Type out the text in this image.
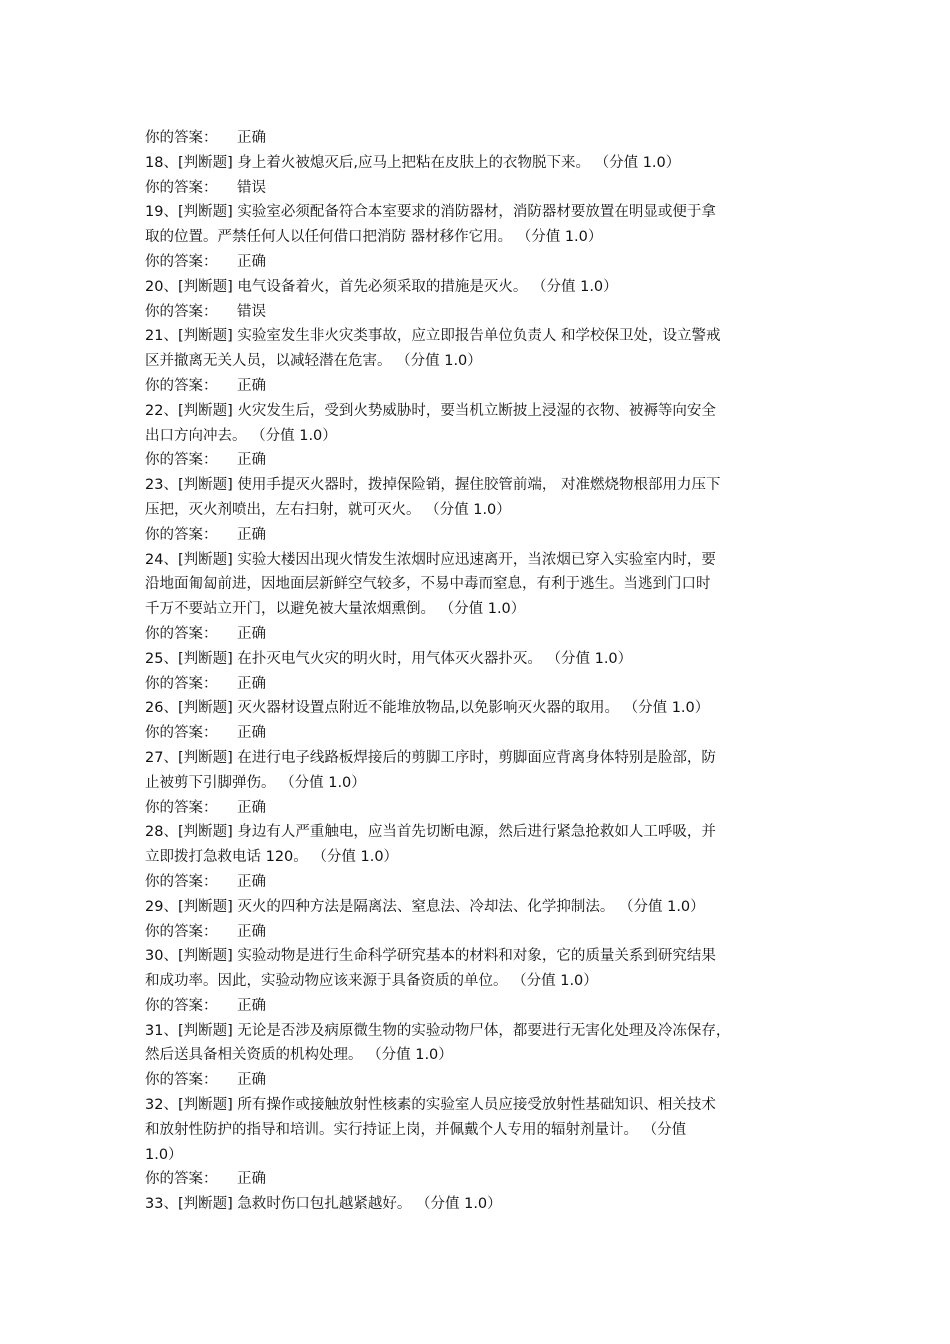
你的答案： 正确
18、[判断题] 身上着火被熄灭后,应马上把粘在皮肤上的衣物脱下来。 （分值 1.0）
你的答案： 错误
19、[判断题] 实验室必须配备符合本室要求的消防器材，消防器材要放置在明显或便于拿
取的位置。严禁任何人以任何借口把消防 器材移作它用。 （分值 1.0）
你的答案： 正确
20、[判断题] 电气设备着火，首先必须采取的措施是灭火。 （分值 1.0）
你的答案： 错误
21、[判断题] 实验室发生非火灾类事故，应立即报告单位负责人 和学校保卫处，设立警戒
区并撤离无关人员，以减轻潜在危害。 （分值 1.0）
你的答案： 正确
22、[判断题] 火灾发生后，受到火势威胁时，要当机立断披上浸湿的衣物、被褥等向安全
出口方向冲去。 （分值 1.0）
你的答案： 正确
23、[判断题] 使用手提灭火器时，拨掉保险销，握住胶管前端， 对准燃烧物根部用力压下
压把，灭火剂喷出，左右扫射，就可灭火。 （分值 1.0）
你的答案： 正确
24、[判断题] 实验大楼因出现火情发生浓烟时应迅速离开，当浓烟已穿入实验室内时，要
沿地面匍匐前进，因地面层新鲜空气较多，不易中毒而窒息，有利于逃生。当逃到门口时
千万不要站立开门，以避免被大量浓烟熏倒。 （分值 1.0）
你的答案： 正确
25、[判断题] 在扑灭电气火灾的明火时，用气体灭火器扑灭。 （分值 1.0）
你的答案： 正确
26、[判断题] 灭火器材设置点附近不能堆放物品,以免影响灭火器的取用。 （分值 1.0）
你的答案： 正确
27、[判断题] 在进行电子线路板焊接后的剪脚工序时，剪脚面应背离身体特别是脸部，防
止被剪下引脚弹伤。 （分值 1.0）
你的答案： 正确
28、[判断题] 身边有人严重触电，应当首先切断电源，然后进行紧急抢救如人工呼吸，并
立即拨打急救电话 120。 （分值 1.0）
你的答案： 正确
29、[判断题] 灭火的四种方法是隔离法、窒息法、冷却法、化学抑制法。 （分值 1.0）
你的答案： 正确
30、[判断题] 实验动物是进行生命科学研究基本的材料和对象，它的质量关系到研究结果
和成功率。因此，实验动物应该来源于具备资质的单位。 （分值 1.0）
你的答案： 正确
31、[判断题] 无论是否涉及病原微生物的实验动物尸体，都要进行无害化处理及冷冻保存，
然后送具备相关资质的机构处理。 （分值 1.0）
你的答案： 正确
32、[判断题] 所有操作或接触放射性核素的实验室人员应接受放射性基础知识、相关技术
和放射性防护的指导和培训。实行持证上岗，并佩戴个人专用的辐射剂量计。 （分值
1.0）
你的答案： 正确
33、[判断题] 急救时伤口包扎越紧越好。 （分值 1.0）
